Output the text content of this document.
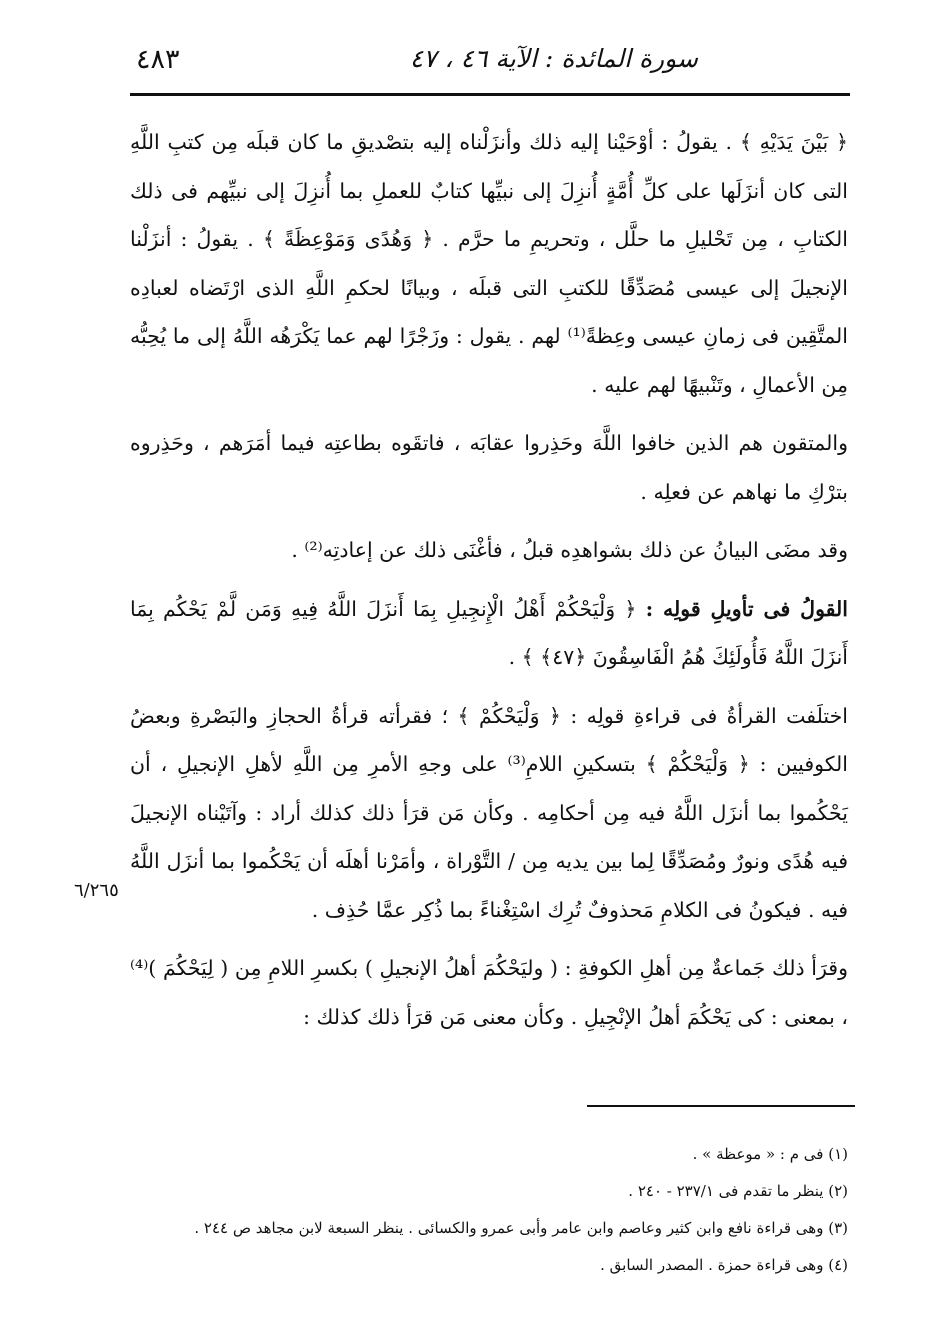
سورة المائدة : الآية ٤٦ ، ٤٧
٤٨٣

﴿ بَيْنَ يَدَيْهِ ﴾ . يقولُ : أوْحَيْنا إليه ذلك وأنزَلْناه إليه بتصْديقِ ما كان قبلَه مِن كتبِ اللَّهِ التى كان أنزَلَها على كلِّ أُمَّةٍ أُنزِلَ إلى نبيِّها كتابٌ للعملِ بما أُنزِلَ إلى نبيِّهم فى ذلك الكتابِ ، مِن تَحْليلِ ما حلَّل ، وتحريمِ ما حرَّم . ﴿ وَهُدًى وَمَوْعِظَةً ﴾ . يقولُ : أنزَلْنا الإنجيلَ إلى عيسى مُصَدِّقًا للكتبِ التى قبلَه ، وبيانًا لحكمِ اللَّهِ الذى ارْتَضاه لعبادِه المتَّقِين فى زمانِ عيسى وعِظةً⁽¹⁾ لهم . يقول : وزَجْرًا لهم عما يَكْرَهُه اللَّهُ إلى ما يُحِبُّه مِن الأعمالِ ، وتَنْبيهًا لهم عليه .

والمتقون هم الذين خافوا اللَّهَ وحَذِروا عقابَه ، فاتقَوه بطاعتِه فيما أمَرَهم ، وحَذِروه بترْكِ ما نهاهم عن فعلِه .

وقد مضَى البيانُ عن ذلك بشواهدِه قبلُ ، فأغْنَى ذلك عن إعادتِه⁽²⁾ .

القولُ فى تأويلِ قولِه : ﴿ وَلْيَحْكُمْ أَهْلُ الْإِنجِيلِ بِمَا أَنزَلَ اللَّهُ فِيهِ وَمَن لَّمْ يَحْكُم بِمَا أَنزَلَ اللَّهُ فَأُولَئِكَ هُمُ الْفَاسِقُونَ ﴿٤٧﴾ ﴾ .

اختلَفت القرأةُ فى قراءةِ قولِه : ﴿ وَلْيَحْكُمْ ﴾ ؛ فقرأته قرأةُ الحجازِ والبَصْرةِ وبعضُ الكوفيين : ﴿ وَلْيَحْكُمْ ﴾ بتسكينِ اللامِ⁽³⁾ على وجهِ الأمرِ مِن اللَّهِ لأهلِ الإنجيلِ ، أن يَحْكُموا بما أنزَل اللَّهُ فيه مِن أحكامِه . وكأن مَن قرَأ ذلك كذلك أراد : وآتَيْناه الإنجيلَ فيه هُدًى ونورٌ ومُصَدِّقًا لِما بين يديه مِن / التَّوْراة ، وأمَرْنا أهلَه أن يَحْكُموا بما أنزَل اللَّهُ فيه . فيكونُ فى الكلامِ مَحذوفٌ تُرِك اسْتِغْناءً بما ذُكِر عمَّا حُذِف .

وقرَأ ذلك جَماعةٌ مِن أهلِ الكوفةِ : ( وليَحْكُمَ أهلُ الإنجيلِ ) بكسرِ اللامِ مِن ( لِيَحْكُمَ )⁽⁴⁾ ، بمعنى : كى يَحْكُمَ أهلُ الإنْجِيلِ . وكأن معنى مَن قرَأ ذلك كذلك :

٦/٢٦٥

(١) فى م : « موعظة » .

(٢) ينظر ما تقدم فى ٢٣٧/١ - ٢٤٠ .

(٣) وهى قراءة نافع وابن كثير وعاصم وابن عامر وأبى عمرو والكسائى . ينظر السبعة لابن مجاهد ص ٢٤٤ .

(٤) وهى قراءة حمزة . المصدر السابق .
